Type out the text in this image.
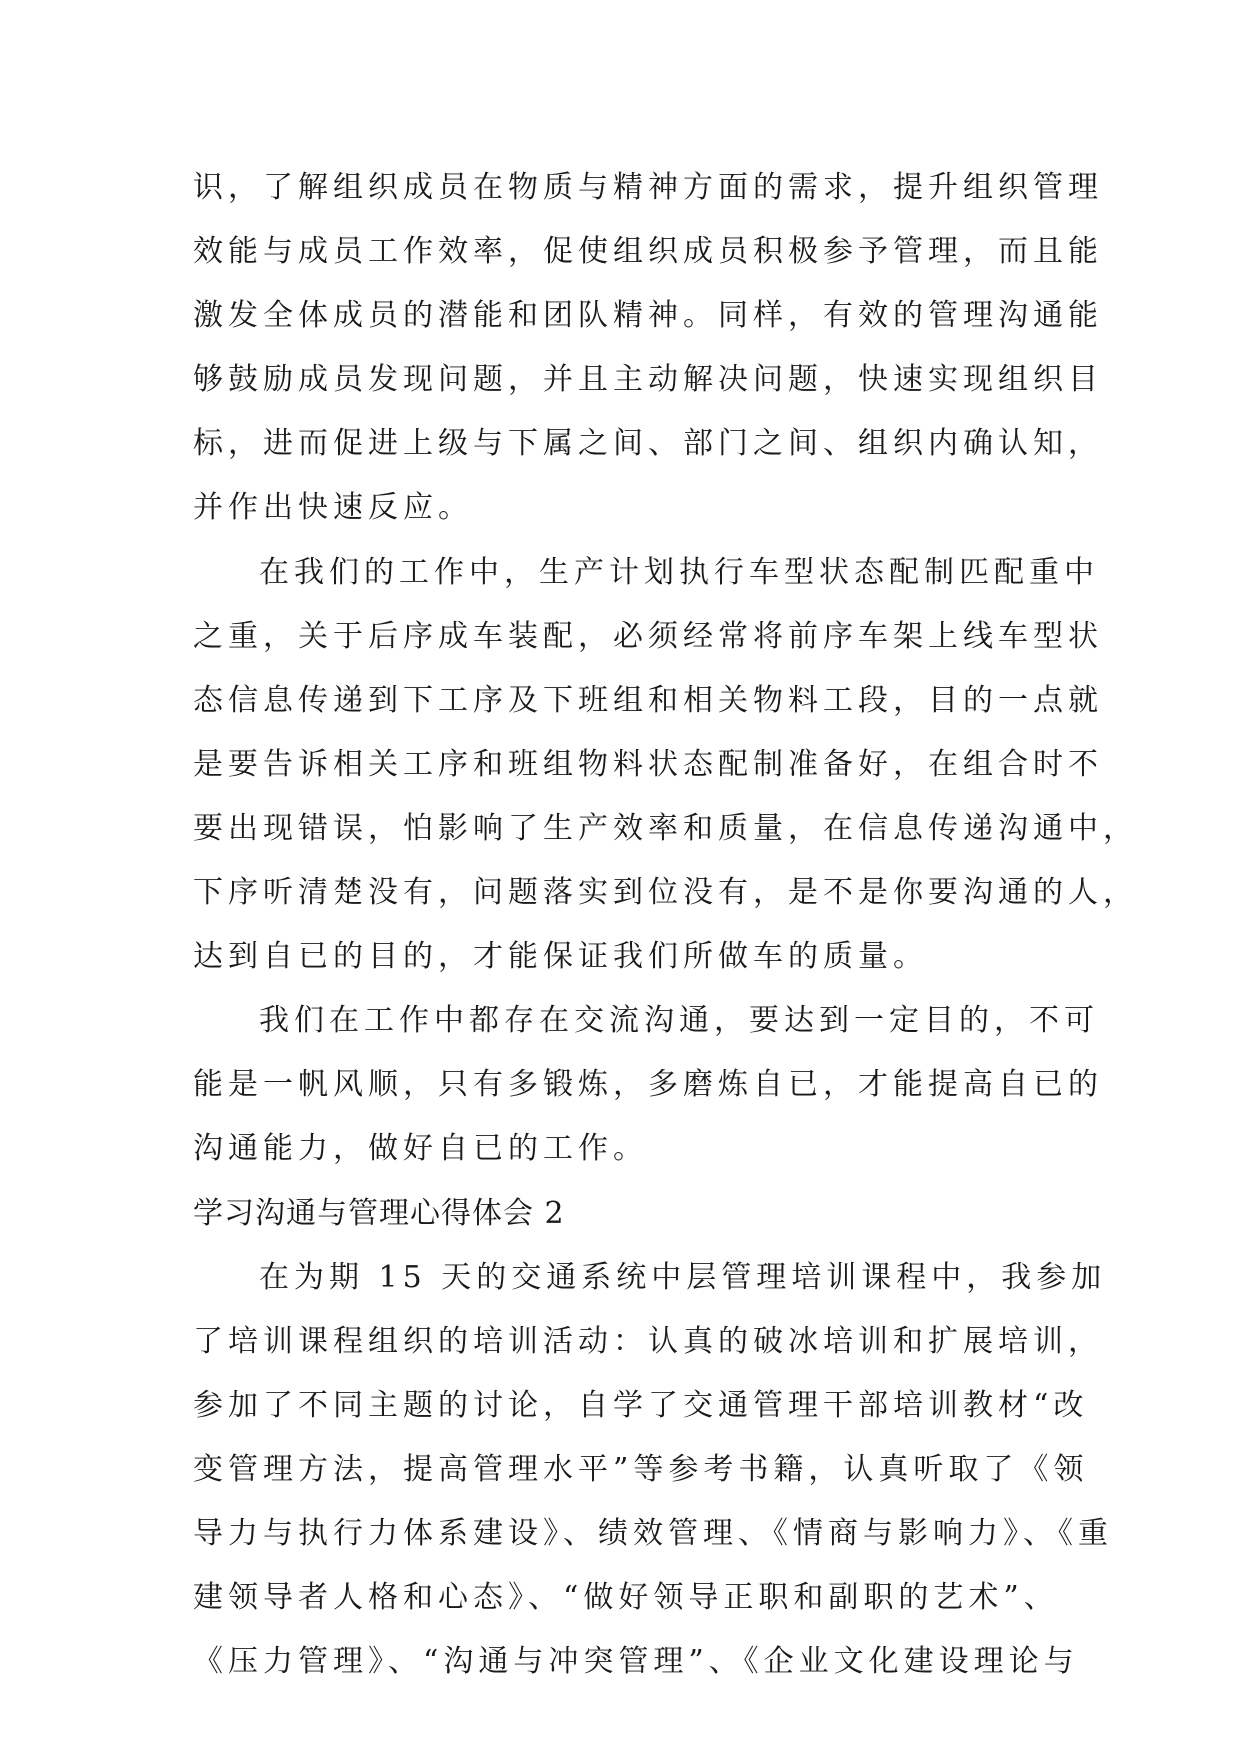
识，了解组织成员在物质与精神方面的需求，提升组织管理
效能与成员工作效率，促使组织成员积极参予管理，而且能
激发全体成员的潜能和团队精神。同样，有效的管理沟通能
够鼓励成员发现问题，并且主动解决问题，快速实现组织目
标，进而促进上级与下属之间、部门之间、组织内确认知，
并作出快速反应。
在我们的工作中，生产计划执行车型状态配制匹配重中
之重，关于后序成车装配，必须经常将前序车架上线车型状
态信息传递到下工序及下班组和相关物料工段，目的一点就
是要告诉相关工序和班组物料状态配制准备好，在组合时不
要出现错误，怕影响了生产效率和质量，在信息传递沟通中，
下序听清楚没有，问题落实到位没有，是不是你要沟通的人，
达到自已的目的，才能保证我们所做车的质量。
我们在工作中都存在交流沟通，要达到一定目的，不可
能是一帆风顺，只有多锻炼，多磨炼自已，才能提高自已的
沟通能力，做好自已的工作。
学习沟通与管理心得体会 2
在为期 15 天的交通系统中层管理培训课程中，我参加
了培训课程组织的培训活动：认真的破冰培训和扩展培训，
参加了不同主题的讨论，自学了交通管理干部培训教材“改
变管理方法，提高管理水平”等参考书籍，认真听取了《领
导力与执行力体系建设》、绩效管理、《情商与影响力》、《重
建领导者人格和心态》、“做好领导正职和副职的艺术”、
《压力管理》、“沟通与冲突管理”、《企业文化建设理论与
